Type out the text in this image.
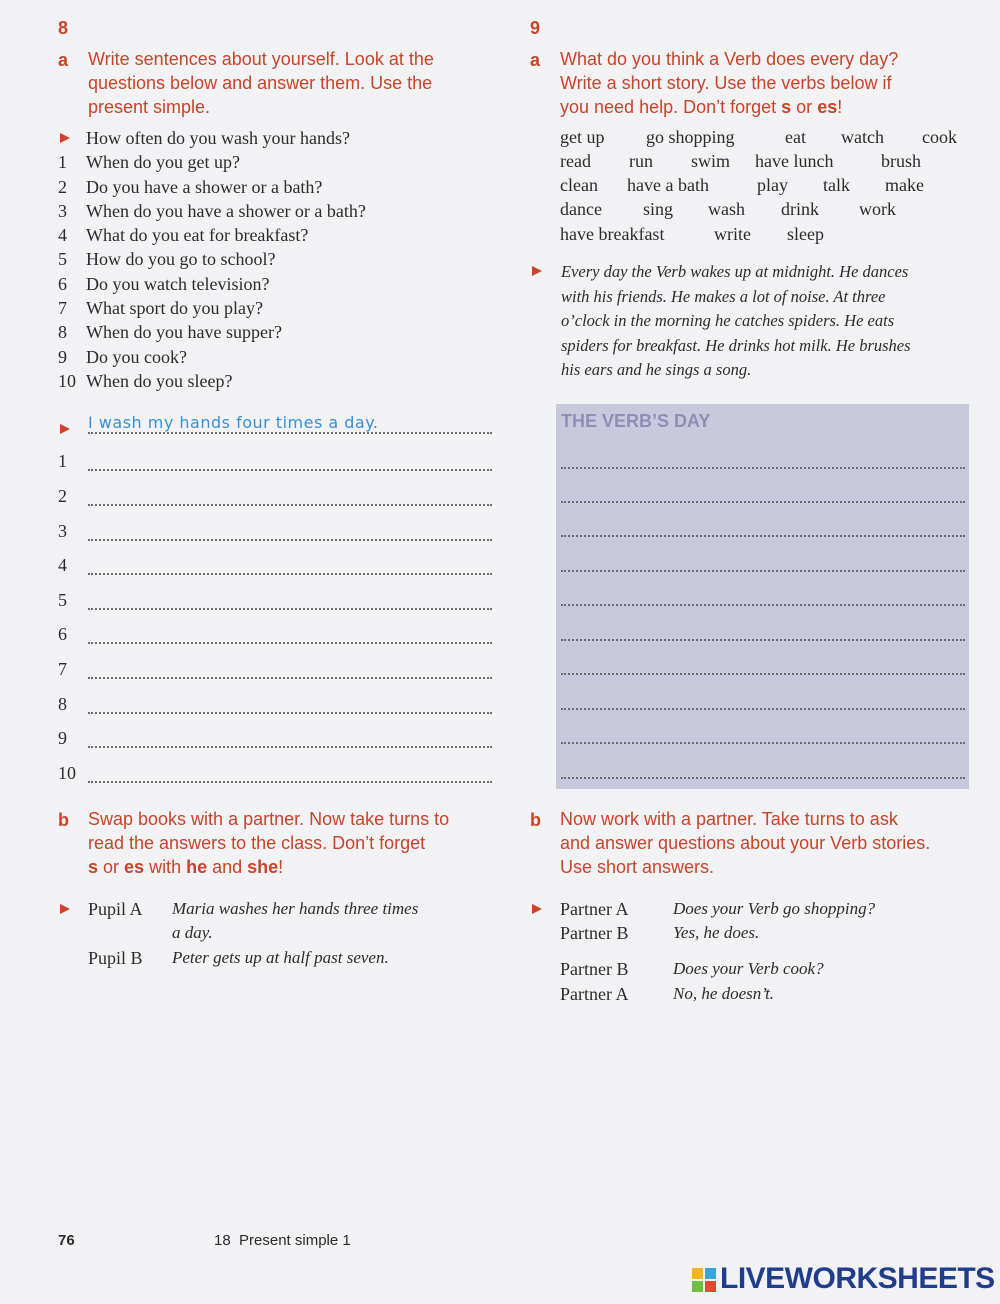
8
a Write sentences about yourself. Look at the
questions below and answer them. Use the
present simple.
How often do you wash your hands?
1 When do you get up?
2 Do you have a shower or a bath?
3 When do you have a shower or a bath?
4 What do you eat for breakfast?
5 How do you go to school?
6 Do you watch television?
7 What sport do you play?
8 When do you have supper?
9 Do you cook?
10 When do you sleep?
I wash my hands four times a day.
1
2
3
4
5
6
7
8
9
10
b Swap books with a partner. Now take turns to
read the answers to the class. Don’t forget
s or es with he and she!
Pupil A Maria washes her hands three times
a day.
Pupil B Peter gets up at half past seven.
9
a What do you think a Verb does every day?
Write a short story. Use the verbs below if
you need help. Don’t forget s or es!
get up go shopping	eat watch cook
read run swim have lunch	brush
clean have a bath	play talk make
dance sing wash drink work
have breakfast	write sleep
Every day the Verb wakes up at midnight. He dances
with his friends. He makes a lot of noise. At three
o’clock in the morning he catches spiders. He eats
spiders for breakfast. He drinks hot milk. He brushes
his ears and he sings a song.
THE VERB’S DAY
b Now work with a partner. Take turns to ask
and answer questions about your Verb stories.
Use short answers.
Partner A	Does your Verb go shopping?
Partner B	Yes, he does.
Partner B	Does your Verb cook?
Partner A	No, he doesn’t.
76	18  Present simple 1
LIVEWORKSHEETS
